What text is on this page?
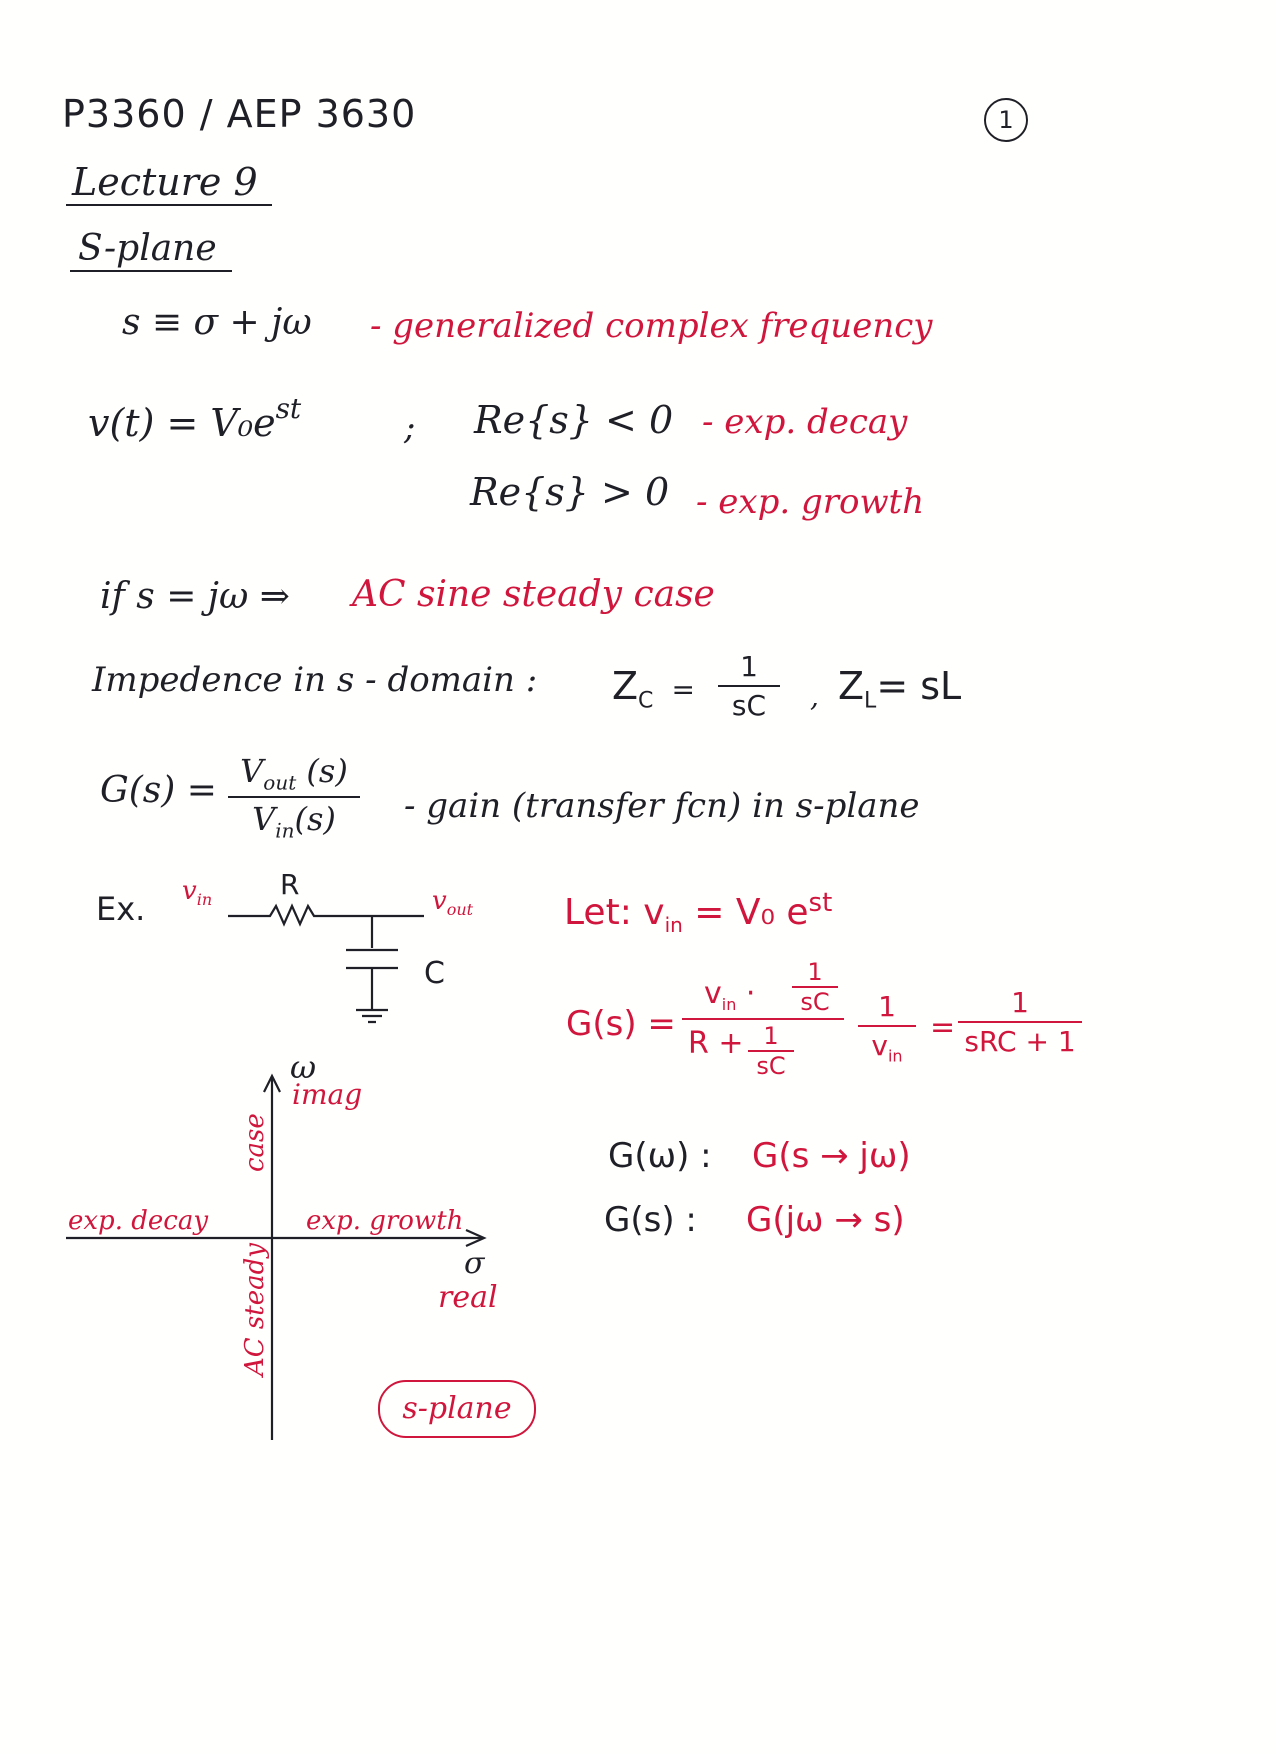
P3360 / AEP 3630	1
Lecture 9
S-plane
s ≡ σ + jω - generalized complex frequency
$v(t) = V_0e^{st}$	; Re{s} < 0 - exp. decay
Re{s} > 0 - exp. growth
if s = jω ⇒ AC sine steady case
Impedence in s - domain : $Z_C$ =
1
sC	, $Z_L=$ sL
$G(s) = V_{out}$ (s)
$V_{in}(s)$	- gain (transfer fcn) in s-plane
Ex. $v_{in}$ R	$v_{out}$
C
Let: $v_{in} = V_0$ $e^{st}$
G(s) =
$v_{in}$ ·
1
sC
R + 1
sC
1
$v_{in}$
=
1
sRC + 1
ω
imag
exp. decay	exp. growth
case
AC steady	σ
real
s-plane
G(ω) : G(s → jω)
G(s) : G(jω → s)
